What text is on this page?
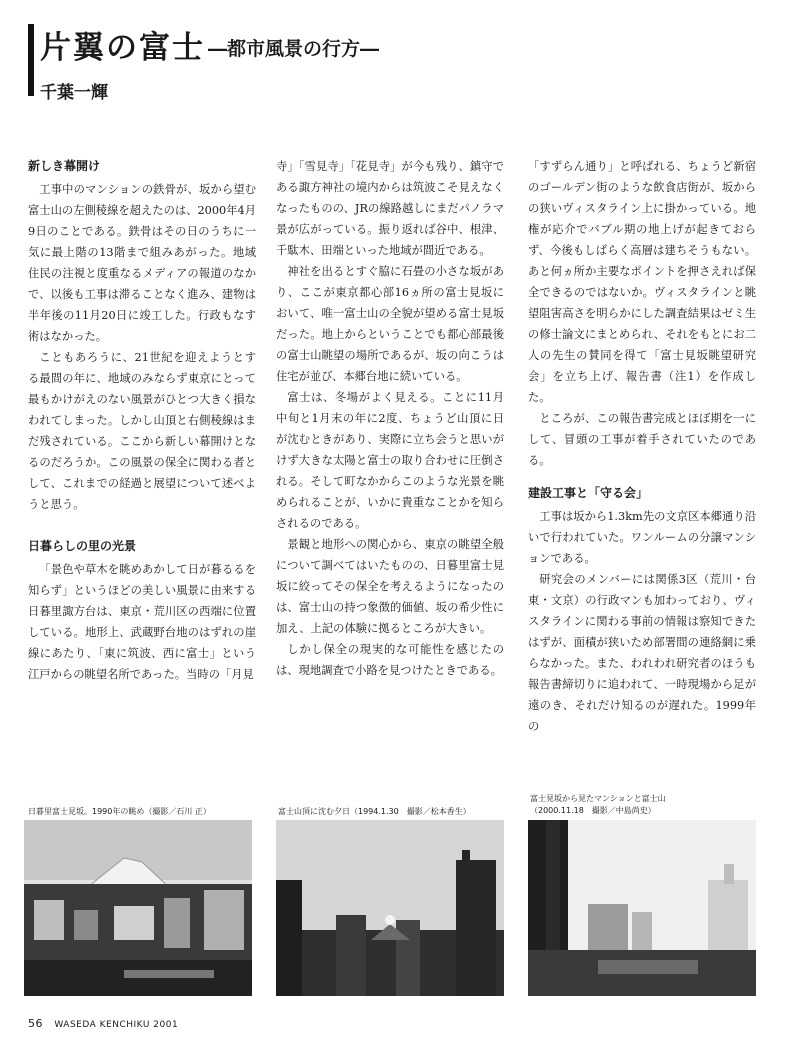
片翼の富士 ―都市風景の行方―
千葉一輝
新しき幕開け

工事中のマンションの鉄骨が、坂から望む富士山の左側稜線を超えたのは、2000年4月9日のことである。鉄骨はその日のうちに一気に最上階の13階まで組みあがった。地域住民の注視と度重なるメディアの報道のなかで、以後も工事は滞ることなく進み、建物は半年後の11月20日に竣工した。行政もなす術はなかった。

こともあろうに、21世紀を迎えようとする最間の年に、地域のみならず東京にとって最もかけがえのない風景がひとつ大きく損なわれてしまった。しかし山頂と右側稜線はまだ残されている。ここから新しい幕開けとなるのだろうか。この風景の保全に関わる者として、これまでの経過と展望について述べようと思う。

日暮らしの里の光景

「景色や草木を眺めあかして日が暮るるを知らず」というほどの美しい風景に由来する日暮里諏方台は、東京・荒川区の西端に位置している。地形上、武蔵野台地のはずれの崖線にあたり、「東に筑波、西に富士」という江戸からの眺望名所であった。当時の「月見

寺」「雪見寺」「花見寺」が今も残り、鎮守である諏方神社の境内からは筑波こそ見えなくなったものの、JRの線路越しにまだパノラマ景が広がっている。振り返れば谷中、根津、千駄木、田端といった地域が間近である。

神社を出るとすぐ脇に石畳の小さな坂があり、ここが東京都心部16ヵ所の富士見坂において、唯一富士山の全貌が望める富士見坂だった。地上からということでも都心部最後の富士山眺望の場所であるが、坂の向こうは住宅が並び、本郷台地に続いている。

富士は、冬場がよく見える。ことに11月中旬と1月末の年に2度、ちょうど山頂に日が沈むときがあり、実際に立ち会うと思いがけず大きな太陽と富士の取り合わせに圧倒される。そして町なかからこのような光景を眺められることが、いかに貴重なことかを知らされるのである。

景観と地形への関心から、東京の眺望全般について調べてはいたものの、日暮里富士見坂に絞ってその保全を考えるようになったのは、富士山の持つ象徴的価値、坂の希少性に加え、上記の体験に拠るところが大きい。

しかし保全の現実的な可能性を感じたのは、現地調査で小路を見つけたときである。

「すずらん通り」と呼ばれる、ちょうど新宿のゴールデン街のような飲食店街が、坂からの狭いヴィスタライン上に掛かっている。地権が応介でバブル期の地上げが起きておらず、今後もしばらく高層は建ちそうもない。あと何ヵ所か主要なポイントを押さえれば保全できるのではないか。ヴィスタラインと眺望阻害高さを明らかにした調査結果はゼミ生の修士論文にまとめられ、それをもとにお二人の先生の賛同を得て「富士見坂眺望研究会」を立ち上げ、報告書（注1）を作成した。

ところが、この報告書完成とほぼ期を一にして、冒頭の工事が着手されていたのである。

建設工事と「守る会」

工事は坂から1.3km先の文京区本郷通り沿いで行われていた。ワンルームの分譲マンションである。

研究会のメンバーには関係3区（荒川・台東・文京）の行政マンも加わっており、ヴィスタラインに関わる事前の情報は察知できたはずが、面積が狭いため部署間の連絡網に乗らなかった。また、われわれ研究者のほうも報告書締切りに追われて、一時現場から足が遠のき、それだけ知るのが遅れた。1999年の

日暮里富士見坂。1990年の眺め（撮影／石川 正）	富士山頂に沈む夕日（1994.1.30　撮影／松本香生）
富士見坂から見たマンションと富士山
（2000.11.18　撮影／中島尚史）
56 WASEDA KENCHIKU 2001
